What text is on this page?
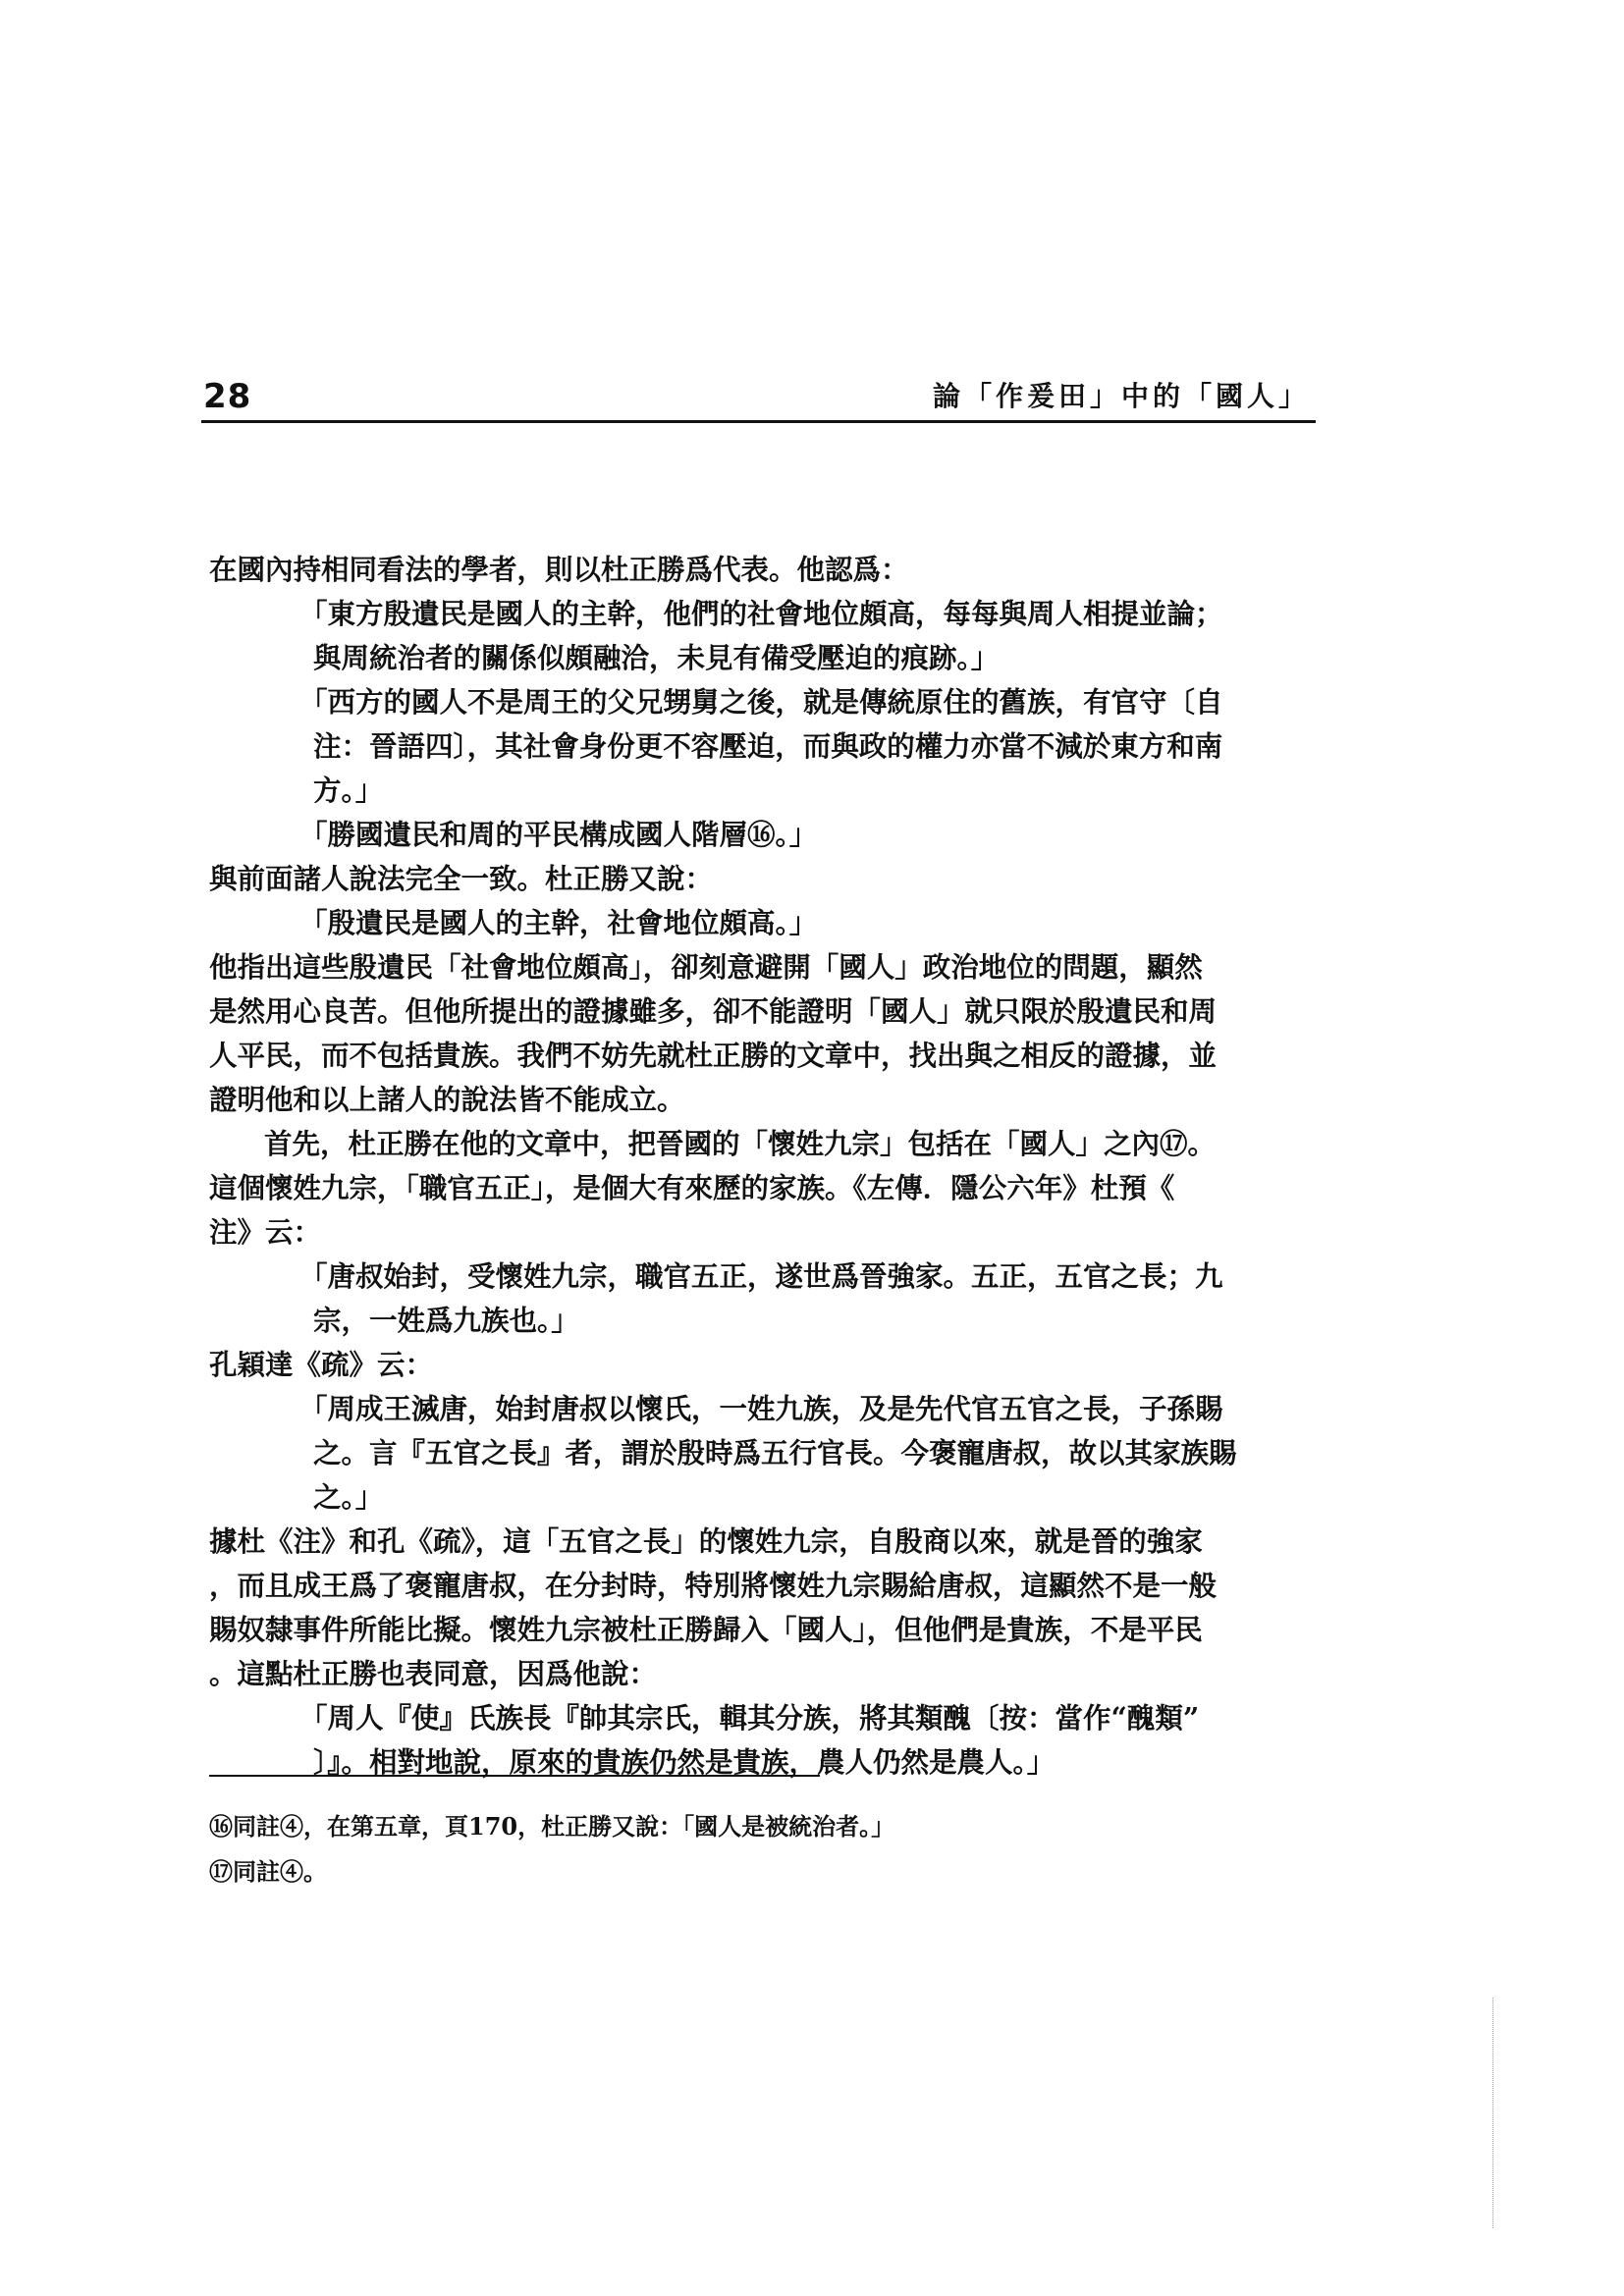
28	論「作爰田」中的「國人」

在國內持相同看法的學者，則以杜正勝爲代表。他認爲：

「東方殷遺民是國人的主幹，他們的社會地位頗高，每每與周人相提並論；
與周統治者的關係似頗融洽，未見有備受壓迫的痕跡。」
「西方的國人不是周王的父兄甥舅之後，就是傳統原住的舊族，有官守〔自
注：晉語四〕，其社會身份更不容壓迫，而與政的權力亦當不減於東方和南
方。」
「勝國遺民和周的平民構成國人階層⑯。」

與前面諸人說法完全一致。杜正勝又說：

「殷遺民是國人的主幹，社會地位頗高。」

他指出這些殷遺民「社會地位頗高」，卻刻意避開「國人」政治地位的問題，顯然
是然用心良苦。但他所提出的證據雖多，卻不能證明「國人」就只限於殷遺民和周
人平民，而不包括貴族。我們不妨先就杜正勝的文章中，找出與之相反的證據，並
證明他和以上諸人的說法皆不能成立。

首先，杜正勝在他的文章中，把晉國的「懷姓九宗」包括在「國人」之內⑰。
這個懷姓九宗，「職官五正」，是個大有來歷的家族。《左傳．隱公六年》杜預《
注》云：

「唐叔始封，受懷姓九宗，職官五正，遂世爲晉強家。五正，五官之長；九
宗，一姓爲九族也。」

孔穎達《疏》云：

「周成王滅唐，始封唐叔以懷氏，一姓九族，及是先代官五官之長，子孫賜
之。言『五官之長』者，謂於殷時爲五行官長。今褒寵唐叔，故以其家族賜
之。」

據杜《注》和孔《疏》，這「五官之長」的懷姓九宗，自殷商以來，就是晉的強家
，而且成王爲了褒寵唐叔，在分封時，特別將懷姓九宗賜給唐叔，這顯然不是一般
賜奴隸事件所能比擬。懷姓九宗被杜正勝歸入「國人」，但他們是貴族，不是平民
。這點杜正勝也表同意，因爲他說：

「周人『使』氏族長『帥其宗氏，輯其分族，將其類醜〔按：當作“醜類”
〕』。相對地說，原來的貴族仍然是貴族，農人仍然是農人。」
⑯同註④，在第五章，頁170，杜正勝又說：「國人是被統治者。」
⑰同註④。
